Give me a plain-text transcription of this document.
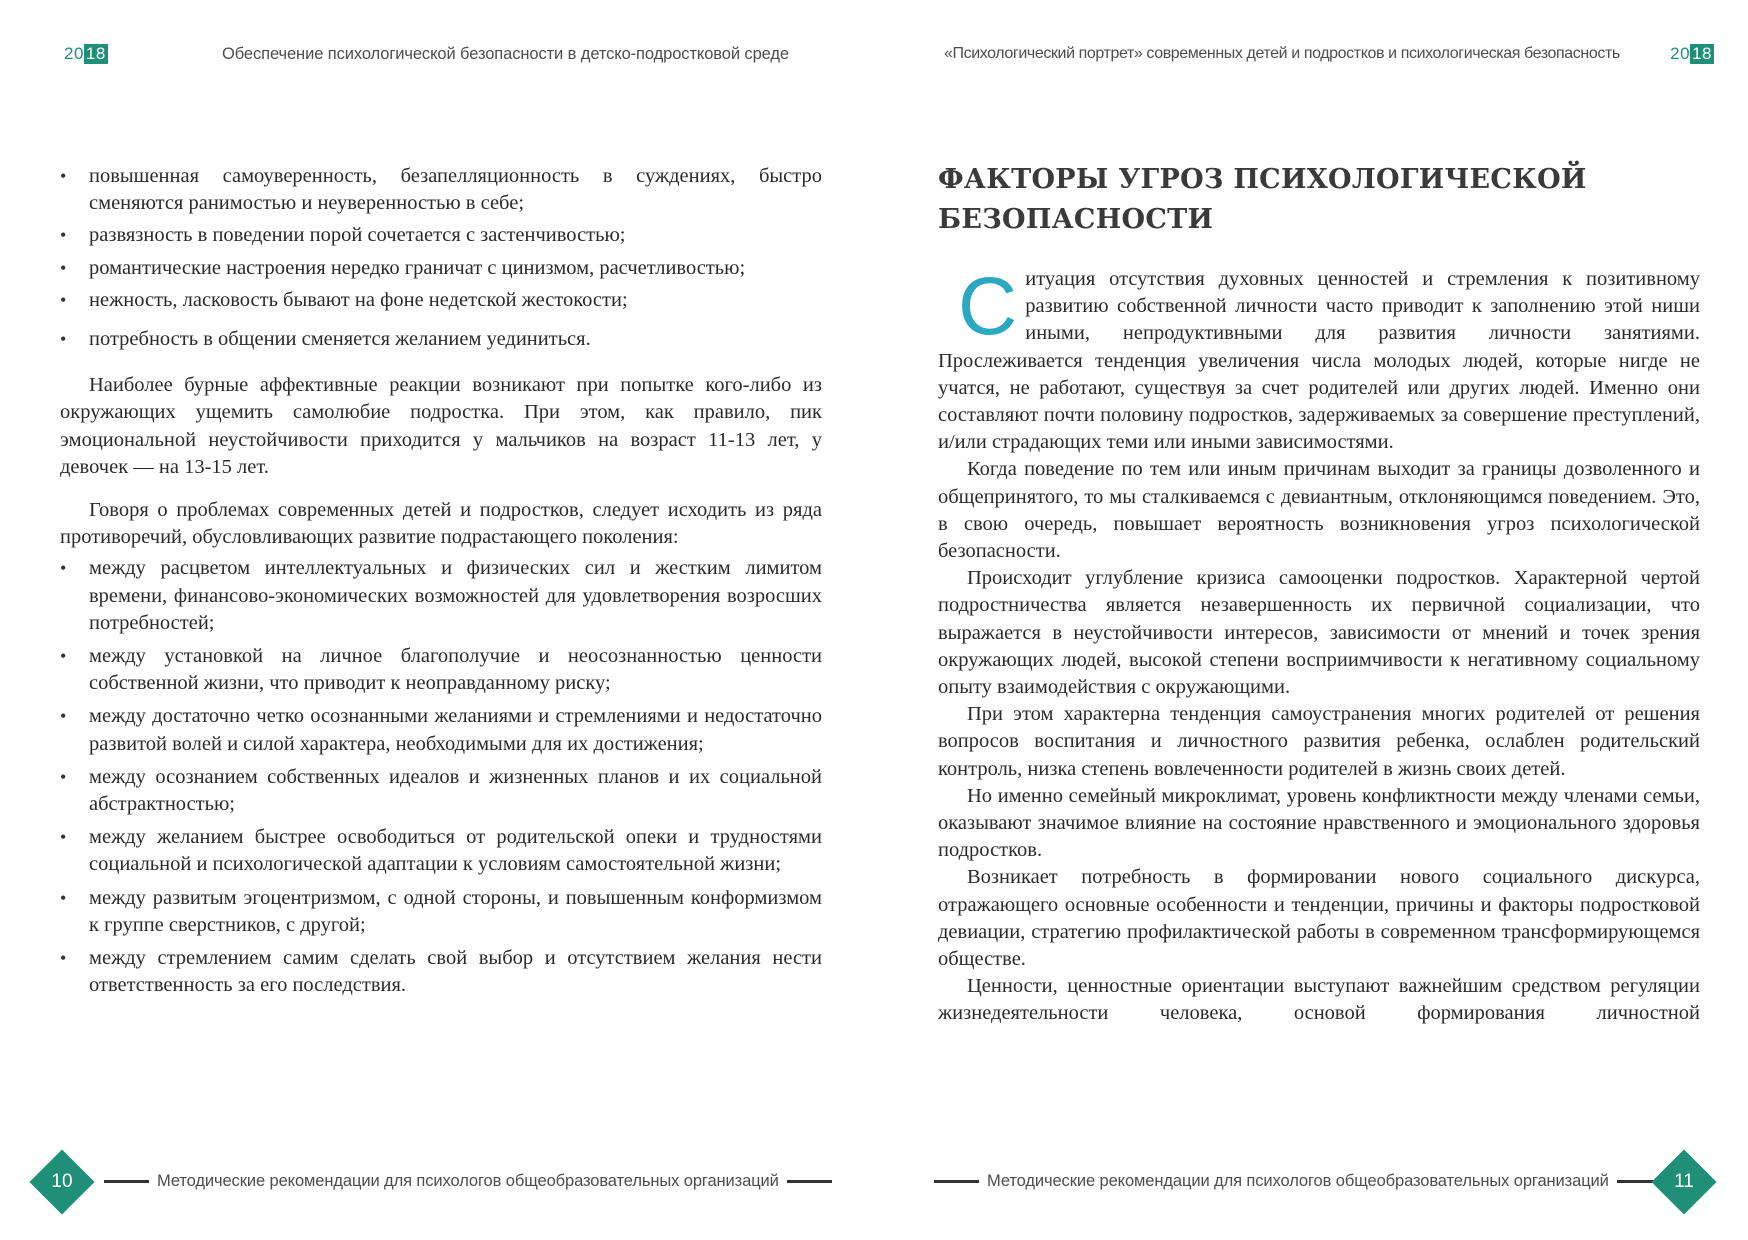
20 18	Обеспечение психологической безопасности в детско-подростковой среде
• повышенная самоуверенность, безапелляционность в суждениях, быстро сменяются ранимостью и неуверенностью в себе;
• развязность в поведении порой сочетается с застенчивостью;
• романтические настроения нередко граничат с цинизмом, расчетливостью;
• нежность, ласковость бывают на фоне недетской жестокости;
• потребность в общении сменяется желанием уединиться.

Наиболее бурные аффективные реакции возникают при попытке кого-либо из окружающих ущемить самолюбие подростка. При этом, как правило, пик эмоциональной неустойчивости приходится у мальчиков на возраст 11-13 лет, у девочек — на 13-15 лет.

Говоря о проблемах современных детей и подростков, следует исходить из ряда противоречий, обусловливающих развитие подрастающего поколения:

• между расцветом интеллектуальных и физических сил и жестким лимитом времени, финансово-экономических возможностей для удовлетворения возросших потребностей;
• между установкой на личное благополучие и неосознанностью ценности собственной жизни, что приводит к неоправданному риску;
• между достаточно четко осознанными желаниями и стремлениями и недостаточно развитой волей и силой характера, необходимыми для их достижения;
• между осознанием собственных идеалов и жизненных планов и их социальной абстрактностью;
• между желанием быстрее освободиться от родительской опеки и трудностями социальной и психологической адаптации к условиям самостоятельной жизни;
• между развитым эгоцентризмом, с одной стороны, и повышенным конформизмом к группе сверстников, с другой;
• между стремлением самим сделать свой выбор и отсутствием желания нести ответственность за его последствия.
10	Методические рекомендации для психологов общеобразовательных организаций
«Психологический портрет» современных детей и подростков и психологическая безопасность	20 18
ФАКТОРЫ УГРОЗ ПСИХОЛОГИЧЕСКОЙ БЕЗОПАСНОСТИ

Ситуация отсутствия духовных ценностей и стремления к позитивному развитию собственной личности часто приводит к заполнению этой ниши иными, непродуктивными для развития личности занятиями. Прослеживается тенденция увеличения числа молодых людей, которые нигде не учатся, не работают, существуя за счет родителей или других людей. Именно они составляют почти половину подростков, задерживаемых за совершение преступлений, и/или страдающих теми или иными зависимостями.

Когда поведение по тем или иным причинам выходит за границы дозволенного и общепринятого, то мы сталкиваемся с девиантным, отклоняющимся поведением. Это, в свою очередь, повышает вероятность возникновения угроз психологической безопасности.

Происходит углубление кризиса самооценки подростков. Характерной чертой подростничества является незавершенность их первичной социализации, что выражается в неустойчивости интересов, зависимости от мнений и точек зрения окружающих людей, высокой степени восприимчивости к негативному социальному опыту взаимодействия с окружающими.

При этом характерна тенденция самоустранения многих родителей от решения вопросов воспитания и личностного развития ребенка, ослаблен родительский контроль, низка степень вовлеченности родителей в жизнь своих детей.

Но именно семейный микроклимат, уровень конфликтности между членами семьи, оказывают значимое влияние на состояние нравственного и эмоционального здоровья подростков.

Возникает потребность в формировании нового социального дискурса, отражающего основные особенности и тенденции, причины и факторы подростковой девиации, стратегию профилактической работы в современном трансформирующемся обществе.

Ценности, ценностные ориентации выступают важнейшим средством регуляции жизнедеятельности человека, основой формирования личностной

Методические рекомендации для психологов общеобразовательных организаций	11
